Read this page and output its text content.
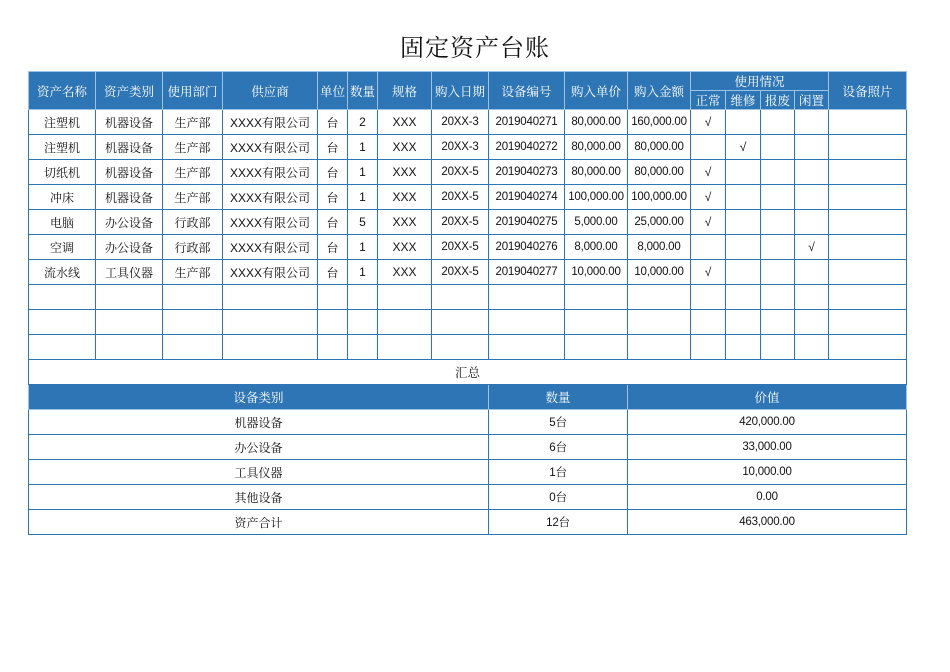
固定资产台账
资产名称	资产类别	使用部门	供应商	单位	数量	规格	购入日期	设备编号	购入单价	购入金额	使用情况				设备照片
											正常	维修	报废	闲置	
注塑机	机器设备	生产部	XXXX有限公司	台	2	XXX	20XX-3	2019040271	80,000.00	160,000.00	√				
注塑机	机器设备	生产部	XXXX有限公司	台	1	XXX	20XX-3	2019040272	80,000.00	80,000.00		√			
切纸机	机器设备	生产部	XXXX有限公司	台	1	XXX	20XX-5	2019040273	80,000.00	80,000.00	√				
冲床	机器设备	生产部	XXXX有限公司	台	1	XXX	20XX-5	2019040274	100,000.00	100,000.00	√				
电脑	办公设备	行政部	XXXX有限公司	台	5	XXX	20XX-5	2019040275	5,000.00	25,000.00	√				
空调	办公设备	行政部	XXXX有限公司	台	1	XXX	20XX-5	2019040276	8,000.00	8,000.00				√	
流水线	工具仪器	生产部	XXXX有限公司	台	1	XXX	20XX-5	2019040277	10,000.00	10,000.00	√				

汇总															
设备类别								数量		价值					
机器设备								5台		420,000.00					
办公设备								6台		33,000.00					
工具仪器								1台		10,000.00					
其他设备								0台		0.00					
资产合计								12台		463,000.00					
